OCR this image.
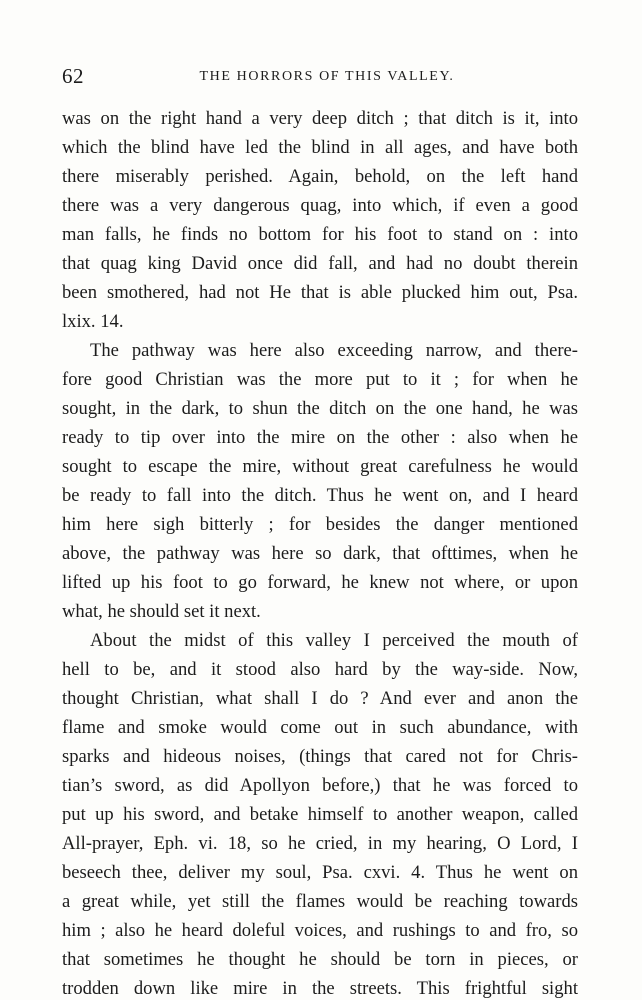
62	THE HORRORS OF THIS VALLEY.
was on the right hand a very deep ditch ; that ditch is it, into
which the blind have led the blind in all ages, and have both
there miserably perished. Again, behold, on the left hand
there was a very dangerous quag, into which, if even a good
man falls, he finds no bottom for his foot to stand on : into
that quag king David once did fall, and had no doubt therein
been smothered, had not He that is able plucked him out, Psa.
lxix. 14.
The pathway was here also exceeding narrow, and there-
fore good Christian was the more put to it ; for when he
sought, in the dark, to shun the ditch on the one hand, he was
ready to tip over into the mire on the other : also when he
sought to escape the mire, without great carefulness he would
be ready to fall into the ditch. Thus he went on, and I heard
him here sigh bitterly ; for besides the danger mentioned
above, the pathway was here so dark, that ofttimes, when he
lifted up his foot to go forward, he knew not where, or upon
what, he should set it next.
About the midst of this valley I perceived the mouth of
hell to be, and it stood also hard by the way-side. Now,
thought Christian, what shall I do ? And ever and anon the
flame and smoke would come out in such abundance, with
sparks and hideous noises, (things that cared not for Chris-
tian’s sword, as did Apollyon before,) that he was forced to
put up his sword, and betake himself to another weapon, called
All-prayer, Eph. vi. 18, so he cried, in my hearing, O Lord, I
beseech thee, deliver my soul, Psa. cxvi. 4. Thus he went on
a great while, yet still the flames would be reaching towards
him ; also he heard doleful voices, and rushings to and fro, so
that sometimes he thought he should be torn in pieces, or
trodden down like mire in the streets. This frightful sight
